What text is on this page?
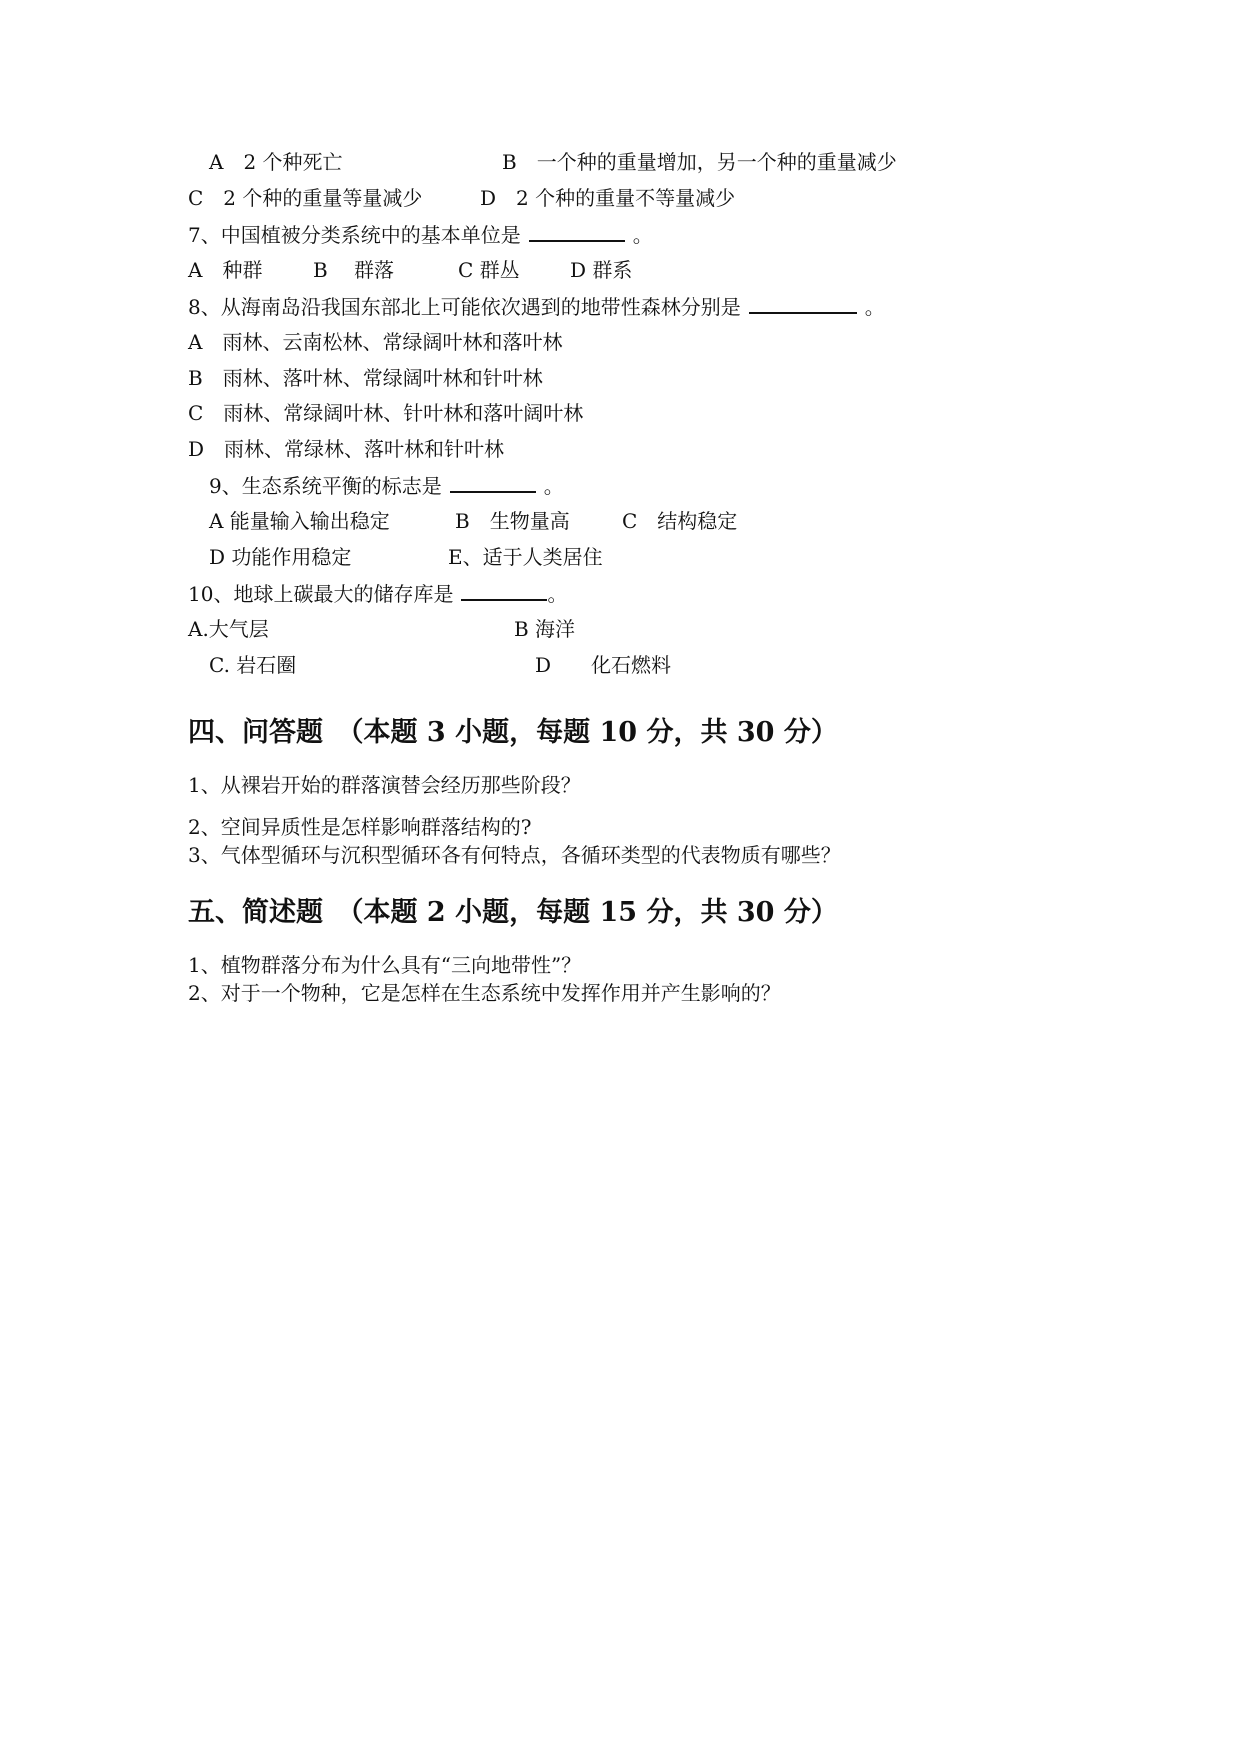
A　2 个种死亡	B　一个种的重量增加，另一个种的重量减少
C　2 个种的重量等量减少	D　2 个种的重量不等量减少
7、中国植被分类系统中的基本单位是	。
A　种群	B　 群落	C 群丛	D 群系
8、从海南岛沿我国东部北上可能依次遇到的地带性森林分别是	。
A　雨林、云南松林、常绿阔叶林和落叶林
B　雨林、落叶林、常绿阔叶林和针叶林
C　雨林、常绿阔叶林、针叶林和落叶阔叶林
D　雨林、常绿林、落叶林和针叶林
9、生态系统平衡的标志是	。
A 能量输入输出稳定	B　生物量高	C　结构稳定
D 功能作用稳定	E、适于人类居住
10、地球上碳最大的储存库是	。
A.大气层	B 海洋
C. 岩石圈	D　　化石燃料
四、问答题　（本题 3 小题，每题 10 分，共 30 分）
1、从裸岩开始的群落演替会经历那些阶段？
2、空间异质性是怎样影响群落结构的?
3、气体型循环与沉积型循环各有何特点，各循环类型的代表物质有哪些？
五、简述题　（本题 2 小题，每题 15 分，共 30 分）
1、植物群落分布为什么具有“三向地带性”？
2、对于一个物种，它是怎样在生态系统中发挥作用并产生影响的？
